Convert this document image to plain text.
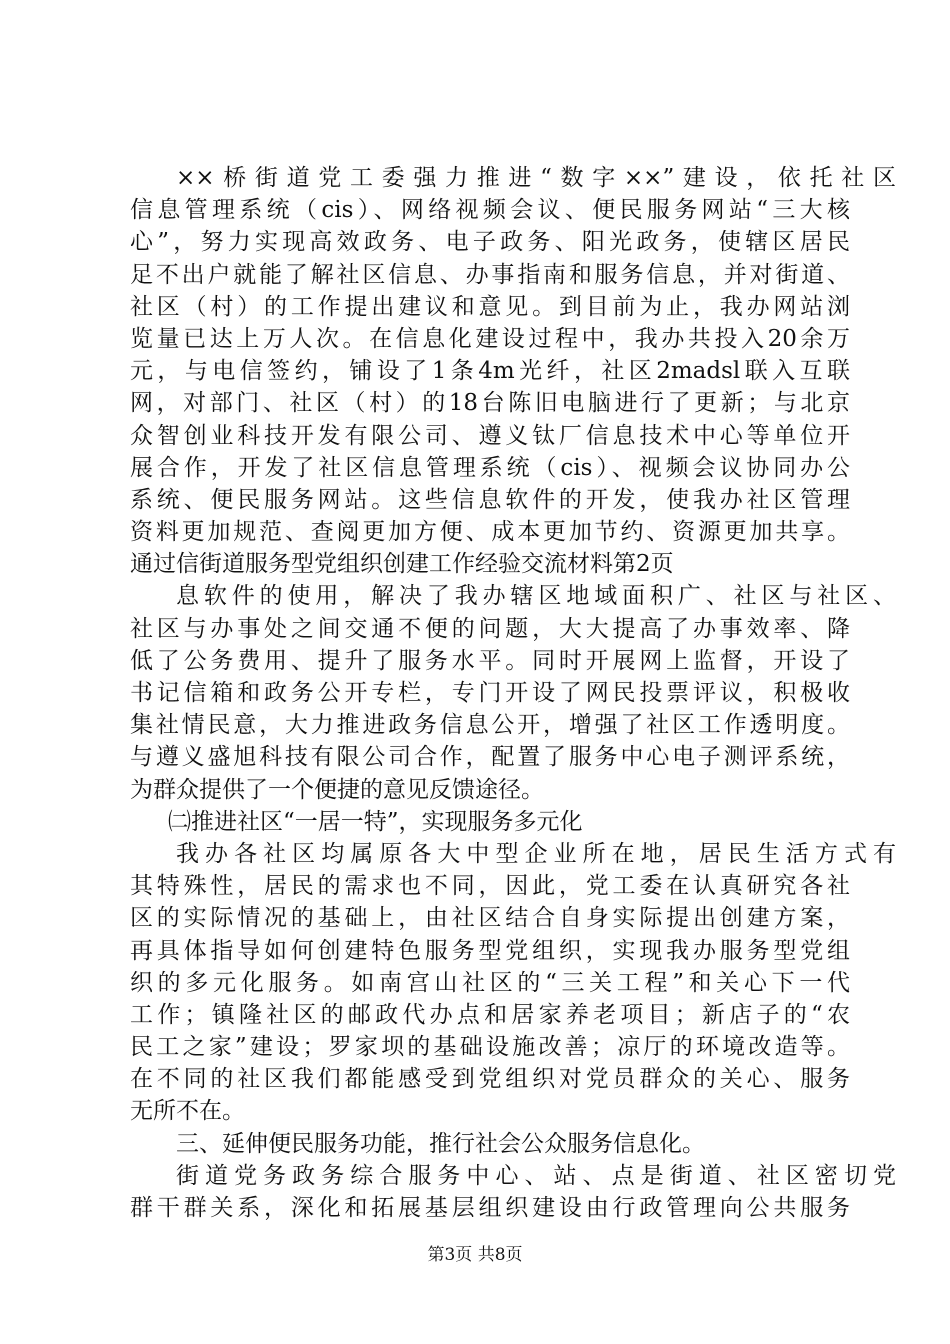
××桥街道党工委强力推进“数字××”建设，依托社区
信息管理系统（cis）、网络视频会议、便民服务网站“三大核
心”，努力实现高效政务、电子政务、阳光政务，使辖区居民
足不出户就能了解社区信息、办事指南和服务信息，并对街道、
社区（村）的工作提出建议和意见。到目前为止，我办网站浏
览量已达上万人次。在信息化建设过程中，我办共投入20余万
元，与电信签约，铺设了1条4m光纤，社区2madsl联入互联
网，对部门、社区（村）的18台陈旧电脑进行了更新；与北京
众智创业科技开发有限公司、遵义钛厂信息技术中心等单位开
展合作，开发了社区信息管理系统（cis）、视频会议协同办公
系统、便民服务网站。这些信息软件的开发，使我办社区管理
资料更加规范、查阅更加方便、成本更加节约、资源更加共享。
通过信街道服务型党组织创建工作经验交流材料第2页
息软件的使用，解决了我办辖区地域面积广、社区与社区、
社区与办事处之间交通不便的问题，大大提高了办事效率、降
低了公务费用、提升了服务水平。同时开展网上监督，开设了
书记信箱和政务公开专栏，专门开设了网民投票评议，积极收
集社情民意，大力推进政务信息公开，增强了社区工作透明度。
与遵义盛旭科技有限公司合作，配置了服务中心电子测评系统，
为群众提供了一个便捷的意见反馈途径。
㈡推进社区“一居一特”，实现服务多元化
我办各社区均属原各大中型企业所在地，居民生活方式有
其特殊性，居民的需求也不同，因此，党工委在认真研究各社
区的实际情况的基础上，由社区结合自身实际提出创建方案，
再具体指导如何创建特色服务型党组织，实现我办服务型党组
织的多元化服务。如南宫山社区的“三关工程”和关心下一代
工作；镇隆社区的邮政代办点和居家养老项目；新店子的“农
民工之家”建设；罗家坝的基础设施改善；凉厅的环境改造等。
在不同的社区我们都能感受到党组织对党员群众的关心、服务
无所不在。
三、延伸便民服务功能，推行社会公众服务信息化。
街道党务政务综合服务中心、站、点是街道、社区密切党
群干群关系，深化和拓展基层组织建设由行政管理向公共服务
第3页 共8页
